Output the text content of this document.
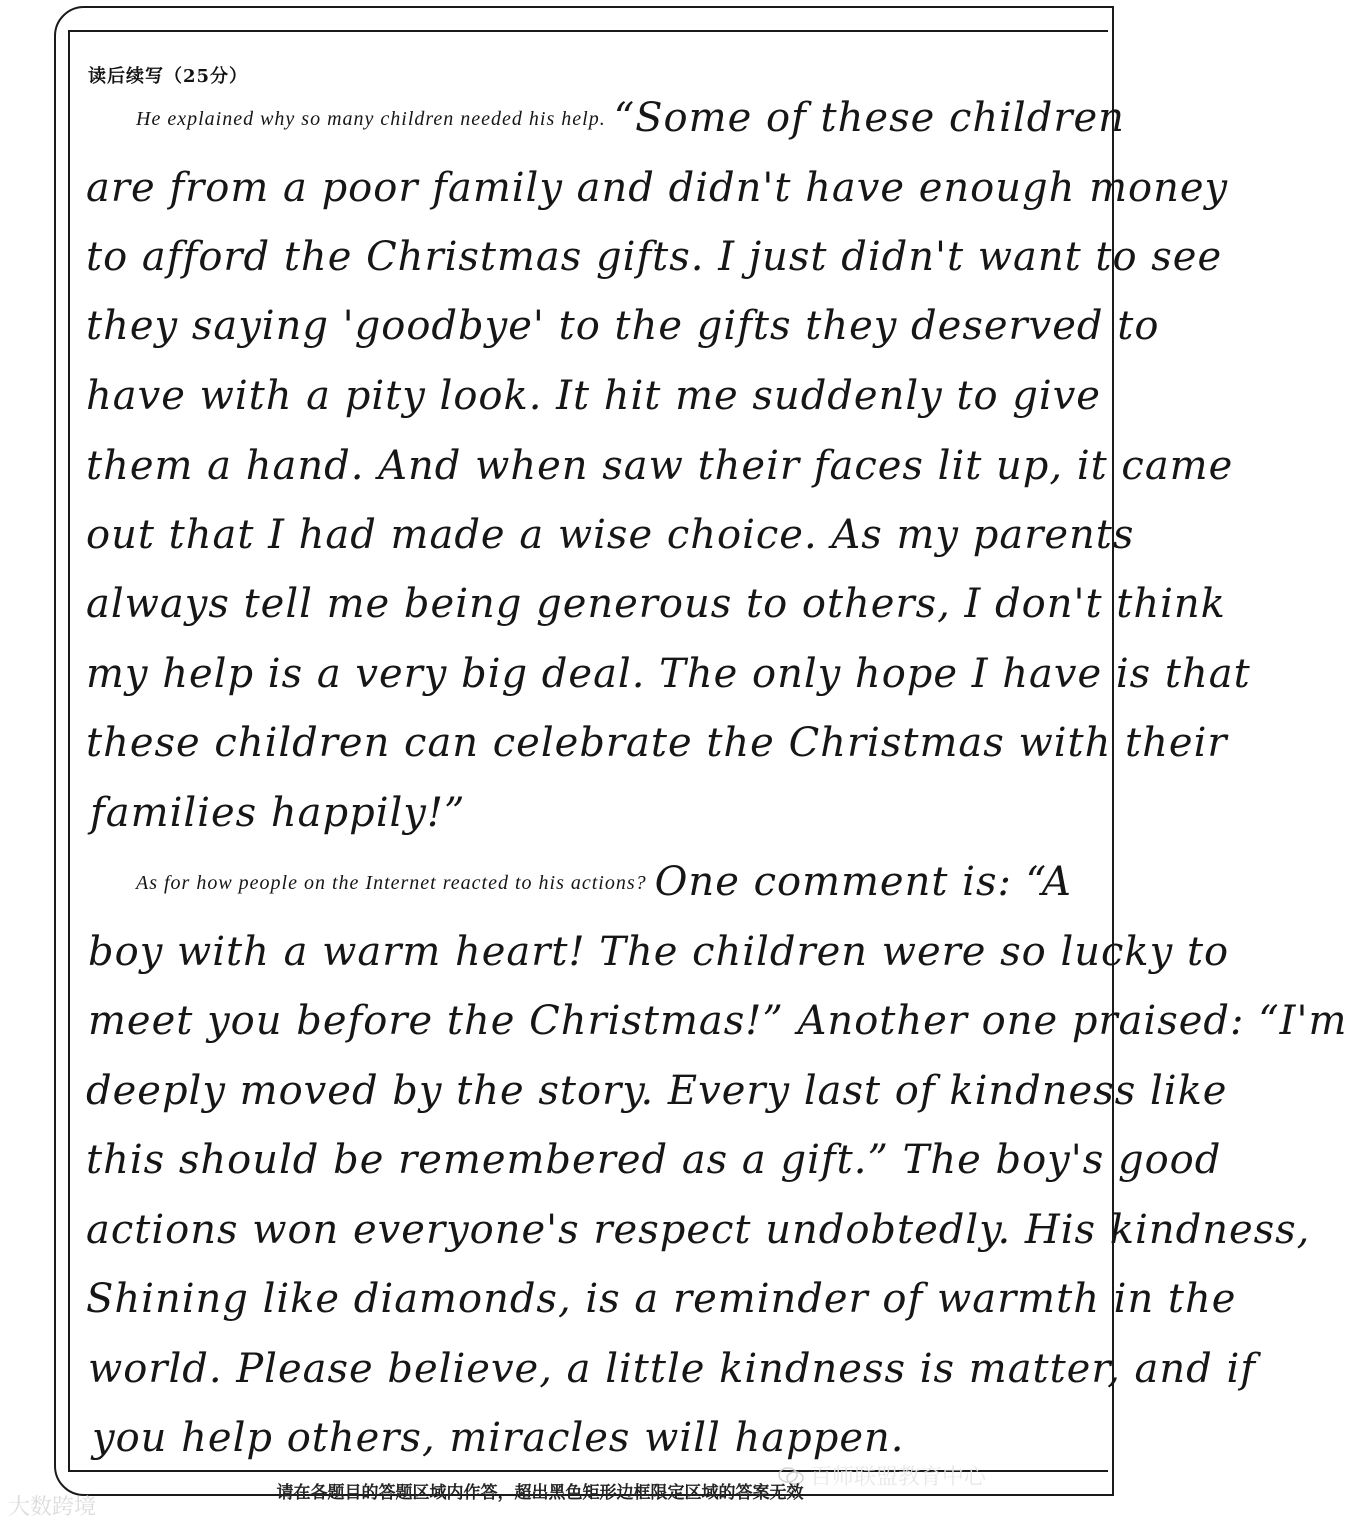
读后续写（25分）
He explained why so many children needed his help. “Some of these children
are from a poor family and didn't have enough money
to afford the Christmas gifts. I just didn't want to see
they saying 'goodbye' to the gifts they deserved to
have with a pity look. It hit me suddenly to give
them a hand. And when saw their faces lit up, it came
out that I had made a wise choice. As my parents
always tell me being generous to others, I don't think
my help is a very big deal. The only hope I have is that
these children can celebrate the Christmas with their
families happily!”
As for how people on the Internet reacted to his actions? One comment is: “A
boy with a warm heart! The children were so lucky to
meet you before the Christmas!” Another one praised: “I'm
deeply moved by the story. Every last of kindness like
this should be remembered as a gift.” The boy's good
actions won everyone's respect undobtedly. His kindness,
Shining like diamonds, is a reminder of warmth in the
world. Please believe, a little kindness is matter, and if
you help others, miracles will happen.
百师联盟教育中心
请在各题目的答题区域内作答，超出黑色矩形边框限定区域的答案无效
大数跨境
